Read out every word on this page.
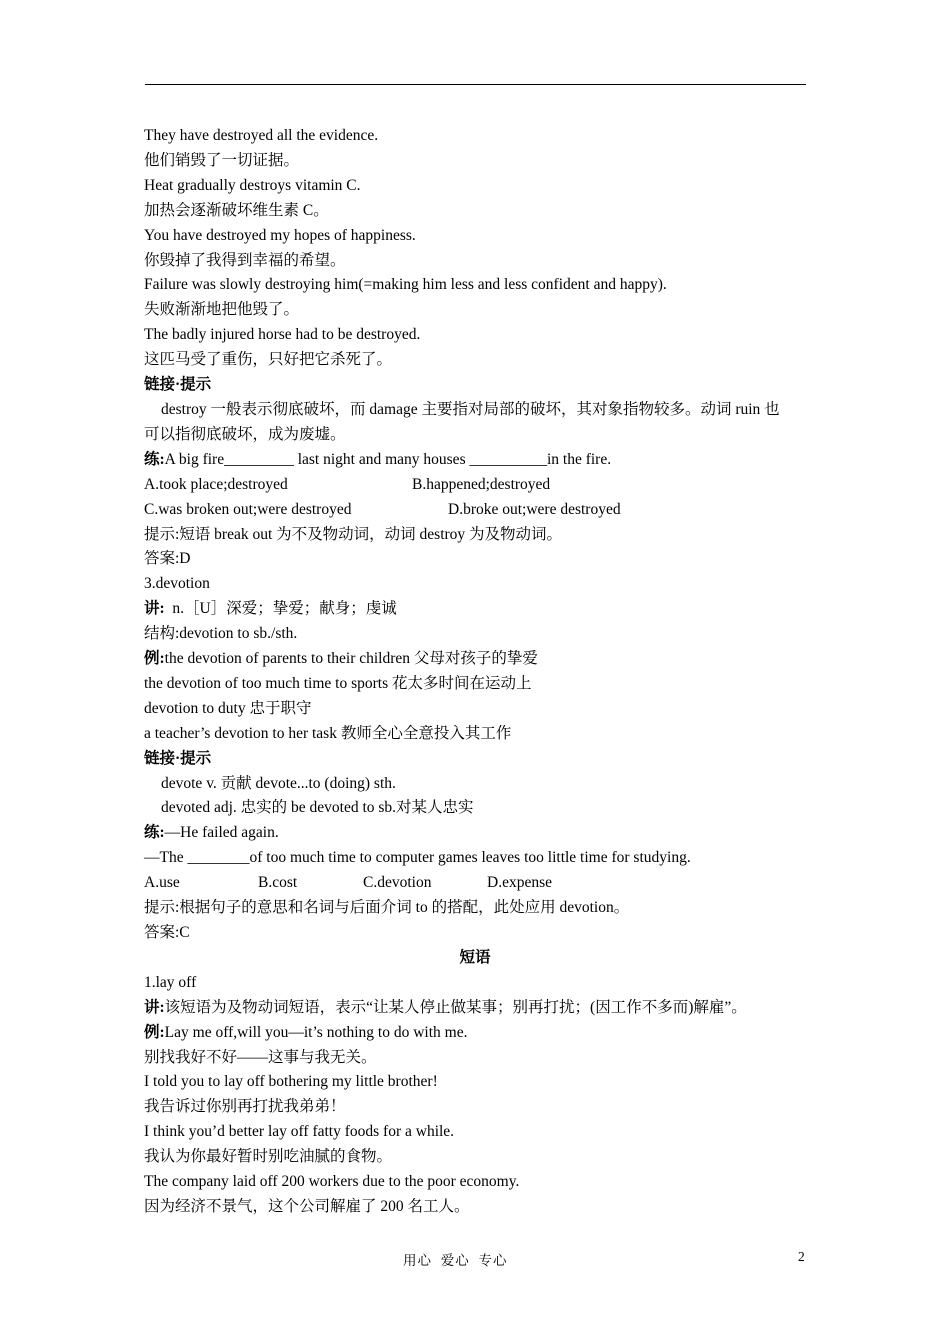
They have destroyed all the evidence.
他们销毁了一切证据。
Heat gradually destroys vitamin C.
加热会逐渐破坏维生素 C。
You have destroyed my hopes of happiness.
你毁掉了我得到幸福的希望。
Failure was slowly destroying him(=making him less and less confident and happy).
失败渐渐地把他毁了。
The badly injured horse had to be destroyed.
这匹马受了重伤，只好把它杀死了。
链接·提示
destroy 一般表示彻底破坏，而 damage 主要指对局部的破坏，其对象指物较多。动词 ruin 也
可以指彻底破坏，成为废墟。
练:A big fire_________ last night and many houses __________in the fire.
A.took place;destroyed	B.happened;destroyed
C.was broken out;were destroyed	D.broke out;were destroyed
提示:短语 break out 为不及物动词，动词 destroy 为及物动词。
答案:D
3.devotion
讲:  n.［U］深爱；挚爱；献身；虔诚
结构:devotion to sb./sth.
例:the devotion of parents to their children 父母对孩子的挚爱
the devotion of too much time to sports 花太多时间在运动上
devotion to duty 忠于职守
a teacher’s devotion to her task 教师全心全意投入其工作
链接·提示
devote v. 贡献 devote...to (doing) sth.
devoted adj. 忠实的 be devoted to sb.对某人忠实
练:—He failed again.
—The ________of too much time to computer games leaves too little time for studying.
A.use	B.cost	C.devotion	D.expense
提示:根据句子的意思和名词与后面介词 to 的搭配，此处应用 devotion。
答案:C
短语
1.lay off
讲:该短语为及物动词短语，表示“让某人停止做某事；别再打扰；(因工作不多而)解雇”。
例:Lay me off,will you—it’s nothing to do with me.
别找我好不好——这事与我无关。
I told you to lay off bothering my little brother!
我告诉过你别再打扰我弟弟！
I think you’d better lay off fatty foods for a while.
我认为你最好暂时别吃油腻的食物。
The company laid off 200 workers due to the poor economy.
因为经济不景气，这个公司解雇了 200 名工人。
用心  爱心  专心	2
